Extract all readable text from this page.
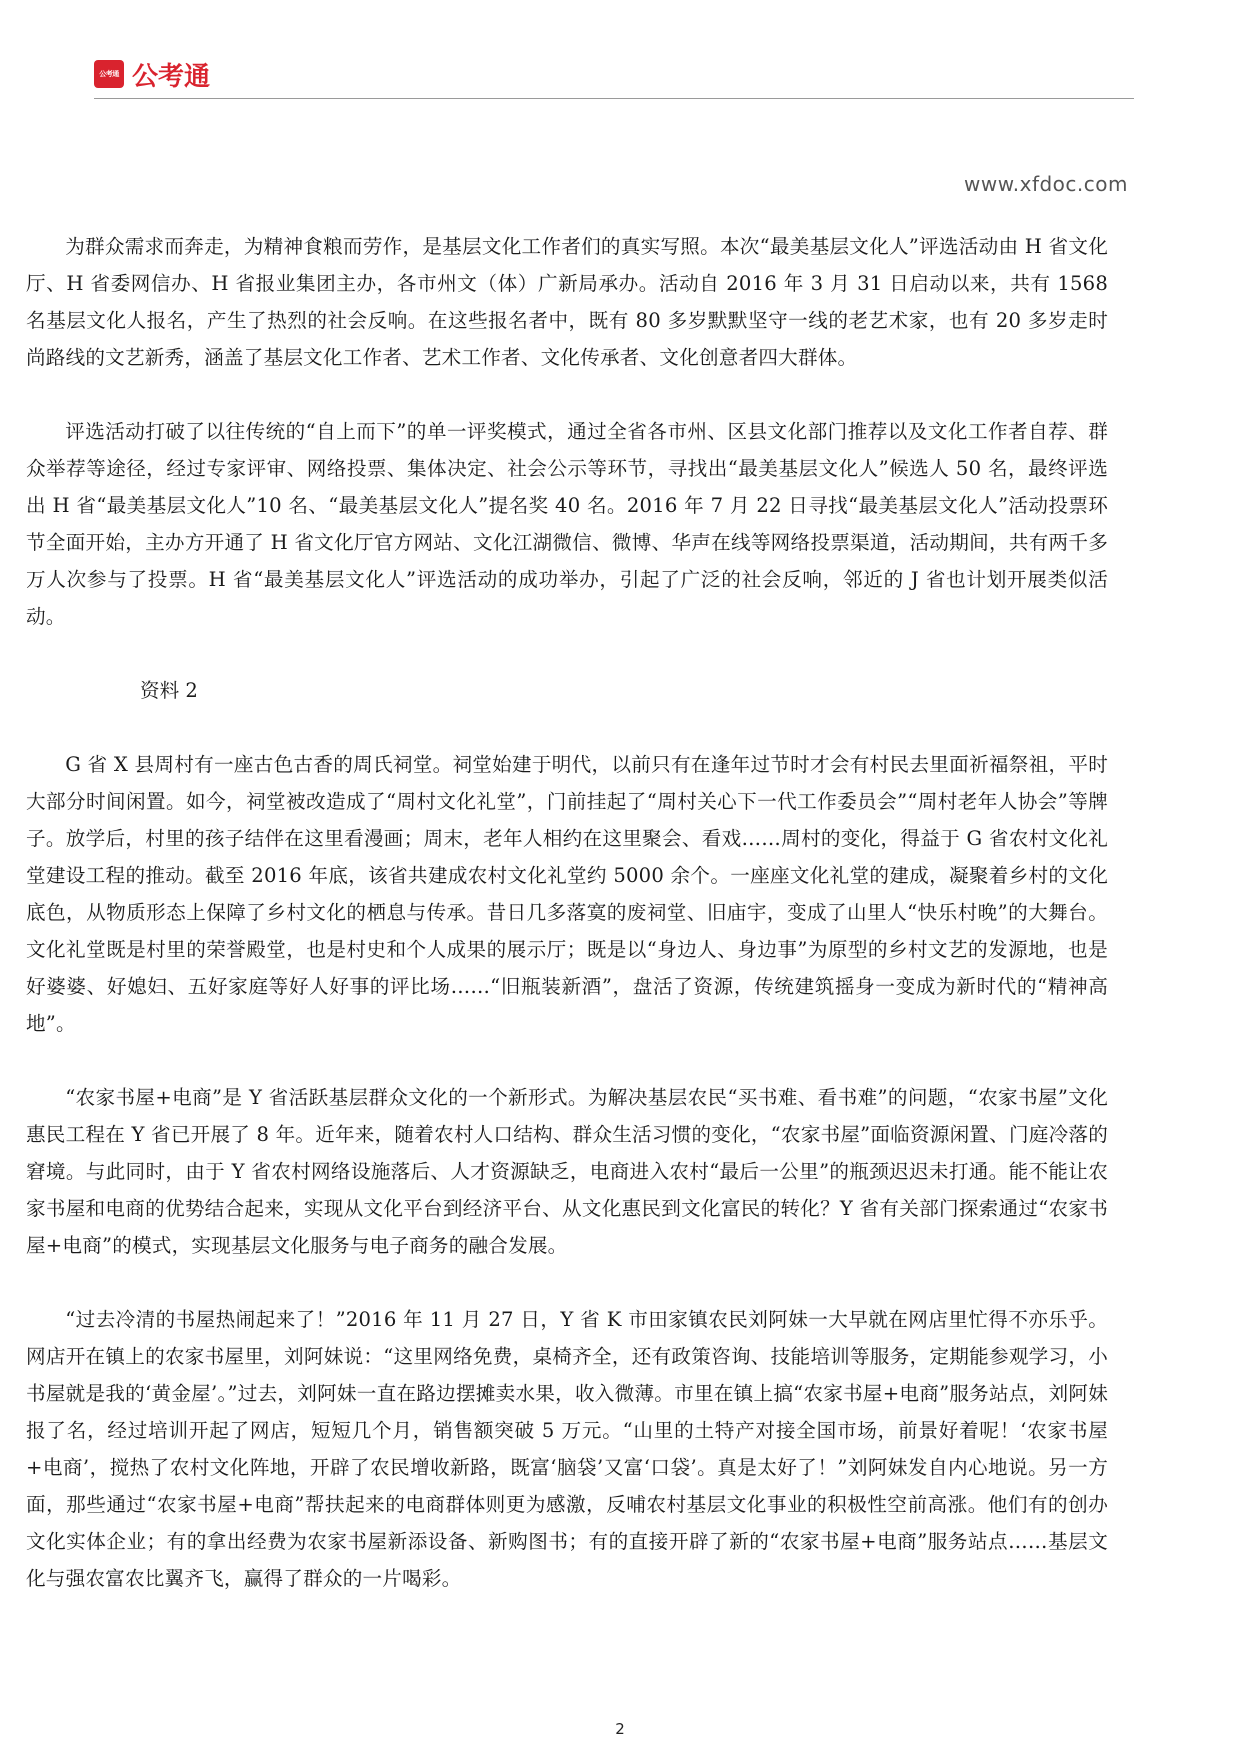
公考通 公考通
www.xfdoc.com

为群众需求而奔走，为精神食粮而劳作，是基层文化工作者们的真实写照。本次“最美基层文化人”评选活动由 H 省文化厅、H 省委网信办、H 省报业集团主办，各市州文（体）广新局承办。活动自 2016 年 3 月 31 日启动以来，共有 1568 名基层文化人报名，产生了热烈的社会反响。在这些报名者中，既有 80 多岁默默坚守一线的老艺术家，也有 20 多岁走时尚路线的文艺新秀，涵盖了基层文化工作者、艺术工作者、文化传承者、文化创意者四大群体。

评选活动打破了以往传统的“自上而下”的单一评奖模式，通过全省各市州、区县文化部门推荐以及文化工作者自荐、群众举荐等途径，经过专家评审、网络投票、集体决定、社会公示等环节，寻找出“最美基层文化人”候选人 50 名，最终评选出 H 省“最美基层文化人”10 名、“最美基层文化人”提名奖 40 名。2016 年 7 月 22 日寻找“最美基层文化人”活动投票环节全面开始，主办方开通了 H 省文化厅官方网站、文化江湖微信、微博、华声在线等网络投票渠道，活动期间，共有两千多万人次参与了投票。H 省“最美基层文化人”评选活动的成功举办，引起了广泛的社会反响，邻近的 J 省也计划开展类似活动。

资料 2

G 省 X 县周村有一座古色古香的周氏祠堂。祠堂始建于明代，以前只有在逢年过节时才会有村民去里面祈福祭祖，平时大部分时间闲置。如今，祠堂被改造成了“周村文化礼堂”，门前挂起了“周村关心下一代工作委员会”“周村老年人协会”等牌子。放学后，村里的孩子结伴在这里看漫画；周末，老年人相约在这里聚会、看戏……周村的变化，得益于 G 省农村文化礼堂建设工程的推动。截至 2016 年底，该省共建成农村文化礼堂约 5000 余个。一座座文化礼堂的建成，凝聚着乡村的文化底色，从物质形态上保障了乡村文化的栖息与传承。昔日几多落寞的废祠堂、旧庙宇，变成了山里人“快乐村晚”的大舞台。文化礼堂既是村里的荣誉殿堂，也是村史和个人成果的展示厅；既是以“身边人、身边事”为原型的乡村文艺的发源地，也是好婆婆、好媳妇、五好家庭等好人好事的评比场……“旧瓶装新酒”，盘活了资源，传统建筑摇身一变成为新时代的“精神高地”。

“农家书屋+电商”是 Y 省活跃基层群众文化的一个新形式。为解决基层农民“买书难、看书难”的问题，“农家书屋”文化惠民工程在 Y 省已开展了 8 年。近年来，随着农村人口结构、群众生活习惯的变化，“农家书屋”面临资源闲置、门庭冷落的窘境。与此同时，由于 Y 省农村网络设施落后、人才资源缺乏，电商进入农村“最后一公里”的瓶颈迟迟未打通。能不能让农家书屋和电商的优势结合起来，实现从文化平台到经济平台、从文化惠民到文化富民的转化？Y 省有关部门探索通过“农家书屋+电商”的模式，实现基层文化服务与电子商务的融合发展。

“过去冷清的书屋热闹起来了！”2016 年 11 月 27 日，Y 省 K 市田家镇农民刘阿妹一大早就在网店里忙得不亦乐乎。网店开在镇上的农家书屋里，刘阿妹说：“这里网络免费，桌椅齐全，还有政策咨询、技能培训等服务，定期能参观学习，小书屋就是我的‘黄金屋’。”过去，刘阿妹一直在路边摆摊卖水果，收入微薄。市里在镇上搞“农家书屋+电商”服务站点，刘阿妹报了名，经过培训开起了网店，短短几个月，销售额突破 5 万元。“山里的土特产对接全国市场，前景好着呢！‘农家书屋+电商’，搅热了农村文化阵地，开辟了农民增收新路，既富‘脑袋’又富‘口袋’。真是太好了！”刘阿妹发自内心地说。另一方面，那些通过“农家书屋+电商”帮扶起来的电商群体则更为感激，反哺农村基层文化事业的积极性空前高涨。他们有的创办文化实体企业；有的拿出经费为农家书屋新添设备、新购图书；有的直接开辟了新的“农家书屋+电商”服务站点……基层文化与强农富农比翼齐飞，赢得了群众的一片喝彩。

2
